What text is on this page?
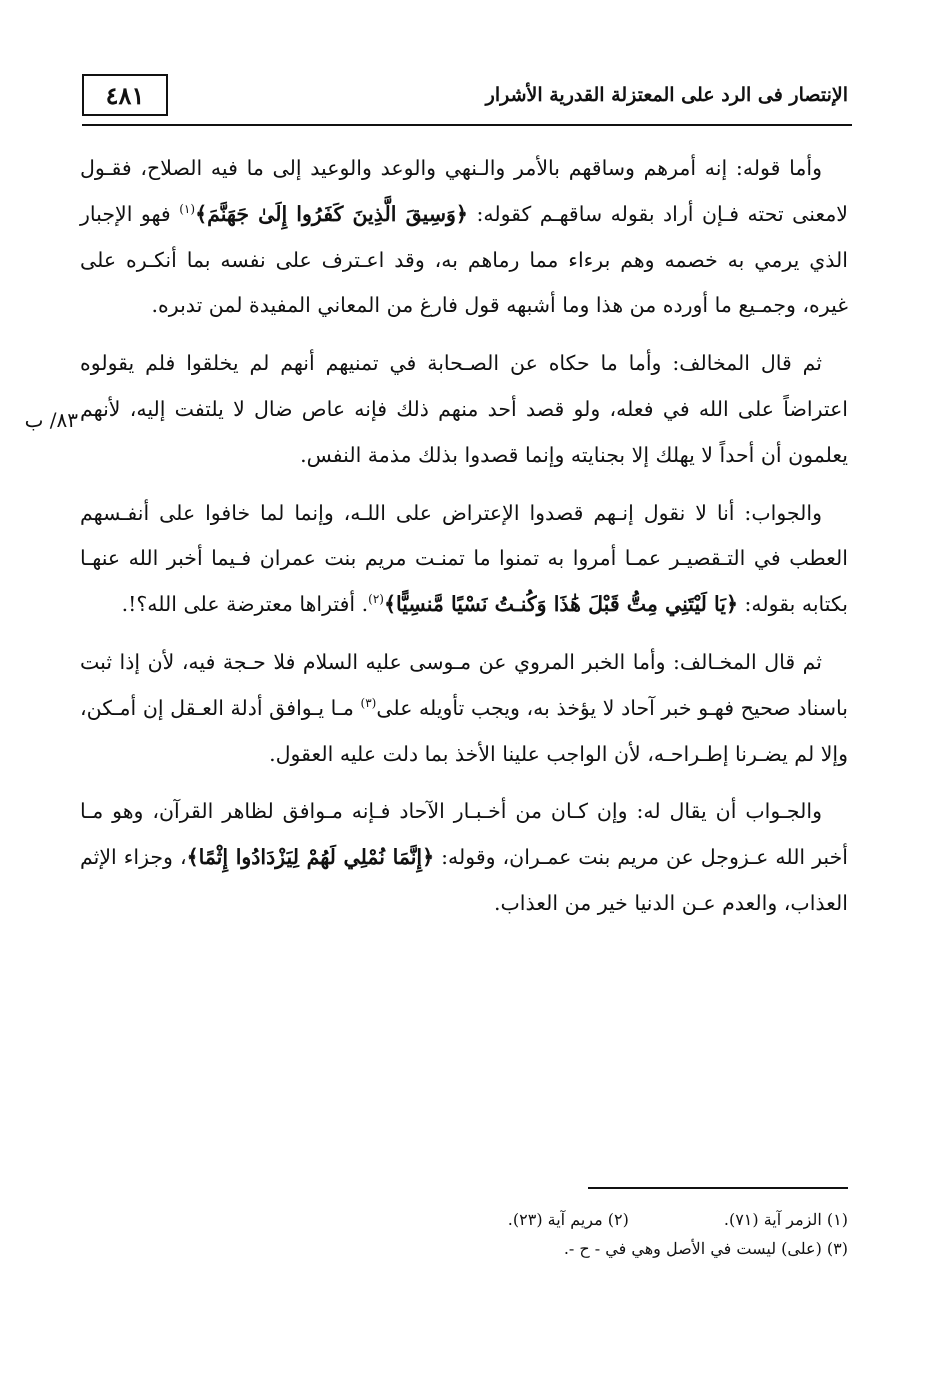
٤٨١	الإنتصار فى الرد على المعتزلة القدرية الأشرار
٨٣/ ب

وأما قوله: إنه أمرهم وساقهم بالأمر والـنهي والوعد والوعيد إلى ما فيه الصلاح، فقـول لامعنى تحته فـإن أراد بقوله ساقهـم كقوله: ﴿وَسِيقَ الَّذِينَ كَفَرُوا إِلَىٰ جَهَنَّمَ﴾$^{(١)}$ فهو الإجبار الذي يرمي به خصمه وهم برءاء مما رماهم به، وقد اعـترف على نفسه بما أنكـره على غيره، وجمـيع ما أورده من هذا وما أشبهه قول فارغ من المعاني المفيدة لمن تدبره.

ثم قال المخالف: وأما ما حكاه عن الصـحابة في تمنيهم أنهم لم يخلقوا فلم يقولوه اعتراضاً على الله في فعله، ولو قصد أحد منهم ذلك فإنه عاص ضال لا يلتفت إليه، لأنهم يعلمون أن أحداً لا يهلك إلا بجنايته وإنما قصدوا بذلك مذمة النفس.

والجواب: أنا لا نقول إنـهم قصدوا الإعتراض على اللـه، وإنما لما خافوا على أنفـسهم العطب في التـقصيـر عمـا أمروا به تمنوا ما تمنـت مريم بنت عمران فـيما أخبر الله عنهـا بكتابه بقوله: ﴿يَا لَيْتَنِي مِتُّ قَبْلَ هَٰذَا وَكُنـتُ نَسْيًا مَّنسِيًّا﴾$^{(٢)}$. أفتراها معترضة على الله؟!.

ثم قال المخـالف: وأما الخبر المروي عن مـوسى عليه السلام فلا حـجة فيه، لأن إذا ثبت باسناد صحيح فهـو خبر آحاد لا يؤخذ به، ويجب تأويله على$^{(٣)}$ مـا يـوافق أدلة العـقل إن أمـكن، وإلا لم يضـرنا إطـراحـه، لأن الواجب علينا الأخذ بما دلت عليه العقول.

والجـواب أن يقال له: وإن كـان من أخـبـار الآحاد فـإنه مـوافق لظاهر القرآن، وهو مـا أخبر الله عـزوجل عن مريم بنت عمـران، وقوله: ﴿إِنَّمَا نُمْلِي لَهُمْ لِيَزْدَادُوا إِثْمًا﴾، وجزاء الإثم العذاب، والعدم عـن الدنيا خير من العذاب.

(١) الزمر آية (٧١).(٢) مريم آية (٢٣).
(٣) (على) ليست في الأصل وهي في - ح -.
